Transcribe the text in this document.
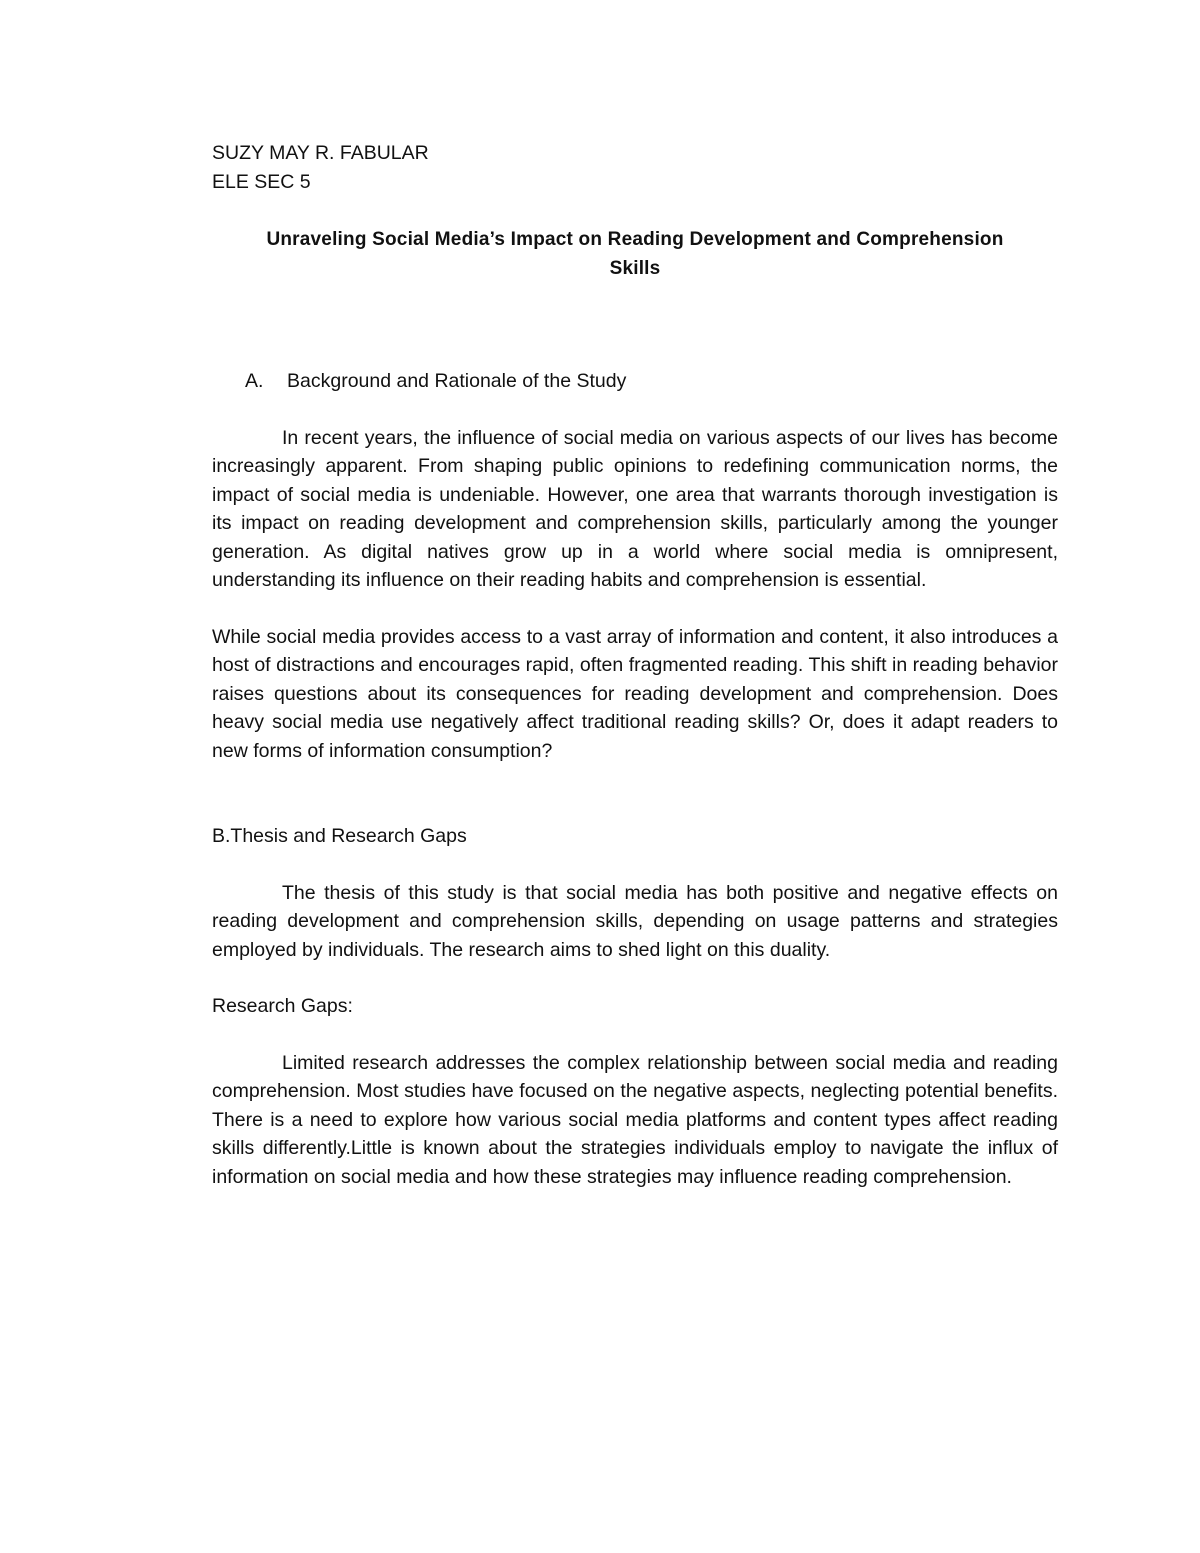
SUZY MAY R. FABULAR
ELE SEC 5
Unraveling Social Media’s Impact on Reading Development and Comprehension
Skills
A. Background and Rationale of the Study

In recent years, the influence of social media on various aspects of our lives has become increasingly apparent. From shaping public opinions to redefining communication norms, the impact of social media is undeniable. However, one area that warrants thorough investigation is its impact on reading development and comprehension skills, particularly among the younger generation. As digital natives grow up in a world where social media is omnipresent, understanding its influence on their reading habits and comprehension is essential.

While social media provides access to a vast array of information and content, it also introduces a host of distractions and encourages rapid, often fragmented reading. This shift in reading behavior raises questions about its consequences for reading development and comprehension. Does heavy social media use negatively affect traditional reading skills? Or, does it adapt readers to new forms of information consumption?

B.Thesis and Research Gaps

The thesis of this study is that social media has both positive and negative effects on reading development and comprehension skills, depending on usage patterns and strategies employed by individuals. The research aims to shed light on this duality.

Research Gaps:

Limited research addresses the complex relationship between social media and reading comprehension. Most studies have focused on the negative aspects, neglecting potential benefits. There is a need to explore how various social media platforms and content types affect reading skills differently.Little is known about the strategies individuals employ to navigate the influx of information on social media and how these strategies may influence reading comprehension.
